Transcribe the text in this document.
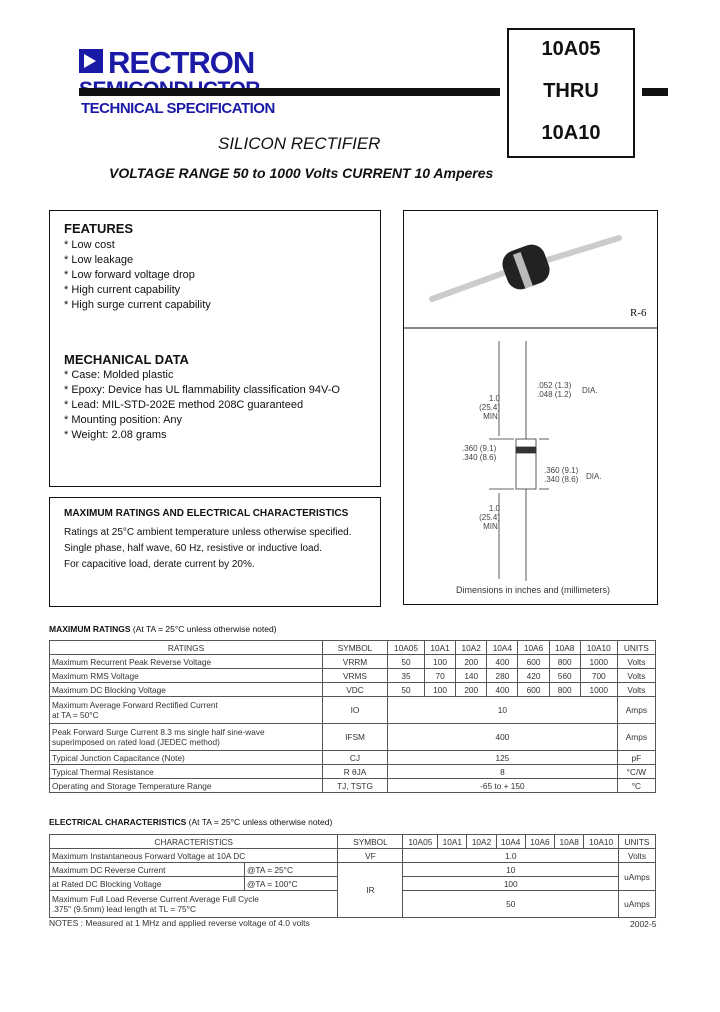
RECTRON
TECHNICAL SPECIFICATION
10A05
THRU
10A10
SILICON RECTIFIER
VOLTAGE RANGE 50 to 1000 Volts CURRENT 10 Amperes
FEATURES
* Low cost
* Low leakage
* Low forward voltage drop
* High current capability
* High surge current capability
MECHANICAL DATA
* Case: Molded plastic
* Epoxy: Device has UL flammability classification 94V-O
* Lead: MIL-STD-202E method 208C guaranteed
* Mounting position: Any
* Weight: 2.08 grams
MAXIMUM RATINGS AND ELECTRICAL CHARACTERISTICS
Ratings at 25°C ambient temperature unless otherwise specified.
Single phase, half wave, 60 Hz, resistive or inductive load.
For capacitive load, derate current by 20%.
R-6
1.0 (25.4)
MIN.
.052 (1.3)
.048 (1.2) DIA.
.360 (9.1)
.340 (8.6)
.360 (9.1)
.340 (8.6) DIA.
1.0 (25.4)
MIN.
Dimensions in inches and (millimeters)
MAXIMUM RATINGS (At TA = 25°C unless otherwise noted)
RATINGS	SYMBOL	10A05	10A1	10A2	10A4	10A6	10A8	10A10	UNITS
Maximum Recurrent Peak Reverse Voltage	VRRM	50	100	200	400	600	800	1000	Volts
Maximum RMS Voltage	VRMS	35	70	140	280	420	560	700	Volts
Maximum DC Blocking Voltage	VDC	50	100	200	400	600	800	1000	Volts
Maximum Average Forward Rectified Current
at TA = 50°C	IO	10							Amps
Peak Forward Surge Current 8.3 ms single half sine-wave
superimposed on rated load (JEDEC method)	IFSM	400							Amps
Typical Junction Capacitance (Note)	CJ	125							pF
Typical Thermal Resistance	R θJA	8							°C/W
Operating and Storage Temperature Range	TJ, TSTG	-65 to + 150							°C
ELECTRICAL CHARACTERISTICS (At TA = 25°C unless otherwise noted)
CHARACTERISTICS		SYMBOL	10A05	10A1	10A2	10A4	10A6	10A8	10A10	UNITS
Maximum Instantaneous Forward Voltage at 10A DC		VF	1.0							Volts
Maximum DC Reverse Current	@TA = 25°C	IR	10							uAmps
at Rated DC Blocking Voltage	@TA = 100°C		100							
Maximum Full Load Reverse Current Average Full Cycle
.375" (9.5mm) lead length at TL = 75°C			50							uAmps
NOTES : Measured at 1 MHz and applied reverse voltage of 4.0 volts	2002-5
